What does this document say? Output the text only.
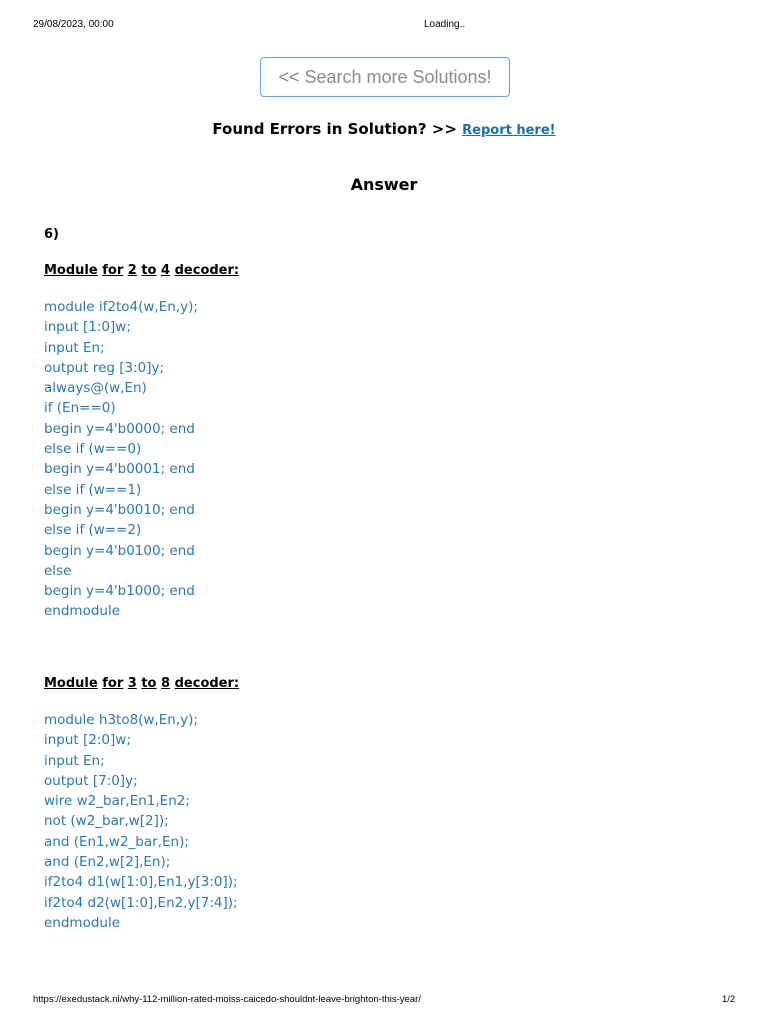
29/08/2023, 00:00	Loading..
<< Search more Solutions!
Found Errors in Solution? >> Report here!
Answer
6)
Module for 2 to 4 decoder:
module if2to4(w,En,y);
input [1:0]w;
input En;
output reg [3:0]y;
always@(w,En)
if (En==0)
begin y=4'b0000; end
else if (w==0)
begin y=4'b0001; end
else if (w==1)
begin y=4'b0010; end
else if (w==2)
begin y=4'b0100; end
else
begin y=4'b1000; end
endmodule
Module for 3 to 8 decoder:
module h3to8(w,En,y);
input [2:0]w;
input En;
output [7:0]y;
wire w2_bar,En1,En2;
not (w2_bar,w[2]);
and (En1,w2_bar,En);
and (En2,w[2],En);
if2to4 d1(w[1:0],En1,y[3:0]);
if2to4 d2(w[1:0],En2,y[7:4]);
endmodule
https://exedustack.nl/why-112-million-rated-moiss-caicedo-shouldnt-leave-brighton-this-year/	1/2
